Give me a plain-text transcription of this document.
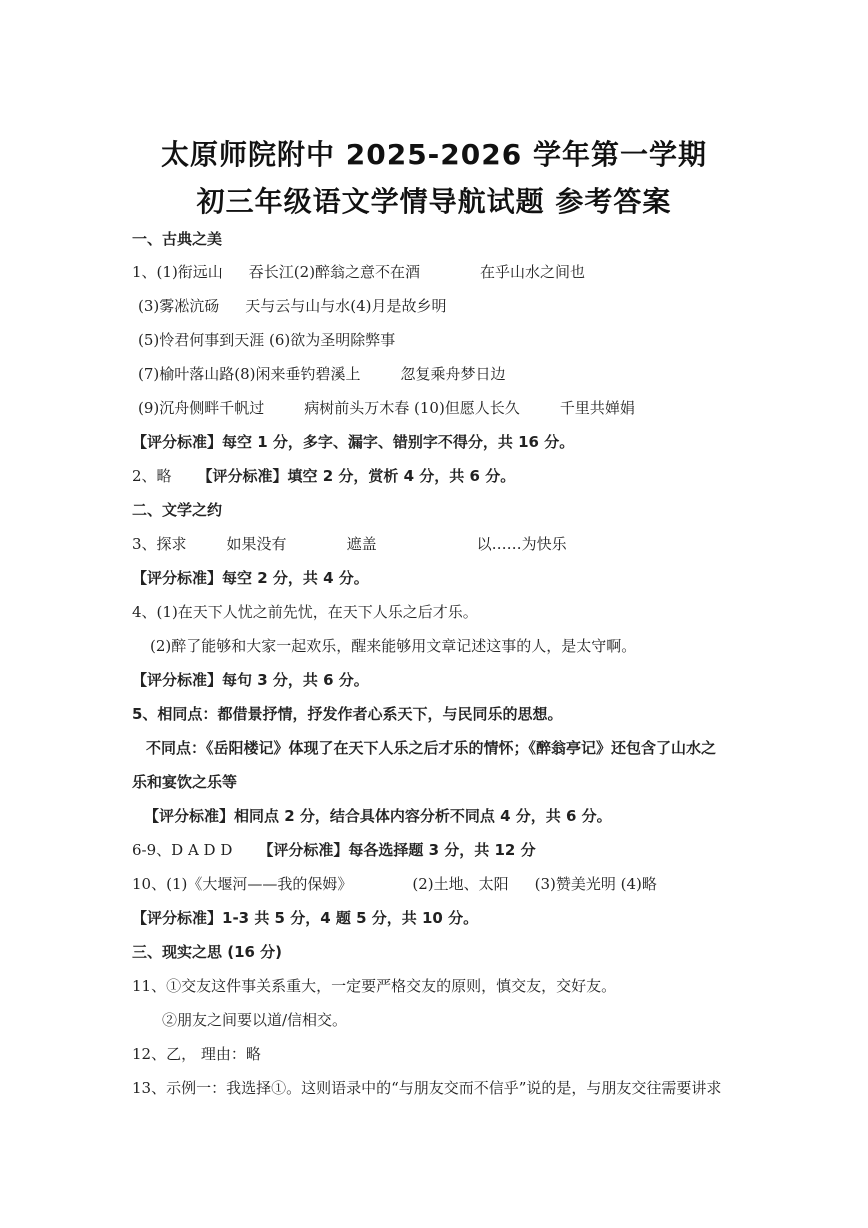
太原师院附中 2025-2026 学年第一学期
初三年级语文学情导航试题 参考答案
一、古典之美
1、(1)衔远山 吞长江(2)醉翁之意不在酒	在乎山水之间也
(3)雾凇沆砀 天与云与山与水(4)月是故乡明
(5)怜君何事到天涯 (6)欲为圣明除弊事
(7)榆叶落山路(8)闲来垂钓碧溪上	忽复乘舟梦日边
(9)沉舟侧畔千帆过	病树前头万木春 (10)但愿人长久	千里共婵娟
【评分标准】每空 1 分，多字、漏字、错别字不得分，共 16 分。
2、略 【评分标准】填空 2 分，赏析 4 分，共 6 分。
二、文学之约
3、探求	如果没有	遮盖	以……为快乐
【评分标准】每空 2 分，共 4 分。
4、(1)在天下人忧之前先忧，在天下人乐之后才乐。
(2)醉了能够和大家一起欢乐，醒来能够用文章记述这事的人，是太守啊。
【评分标准】每句 3 分，共 6 分。
5、相同点：都借景抒情，抒发作者心系天下，与民同乐的思想。
不同点：《岳阳楼记》体现了在天下人乐之后才乐的情怀；《醉翁亭记》还包含了山水之
乐和宴饮之乐等
【评分标准】相同点 2 分，结合具体内容分析不同点 4 分，共 6 分。
6-9、D A D D 【评分标准】每各选择题 3 分，共 12 分
10、(1)《大堰河——我的保姆》	(2)土地、太阳 (3)赞美光明 (4)略
【评分标准】1-3 共 5 分，4 题 5 分，共 10 分。
三、现实之思 (16 分)
11、①交友这件事关系重大，一定要严格交友的原则，慎交友，交好友。
②朋友之间要以道/信相交。
12、乙， 理由：略
13、示例一：我选择①。这则语录中的“与朋友交而不信乎”说的是，与朋友交往需要讲求
